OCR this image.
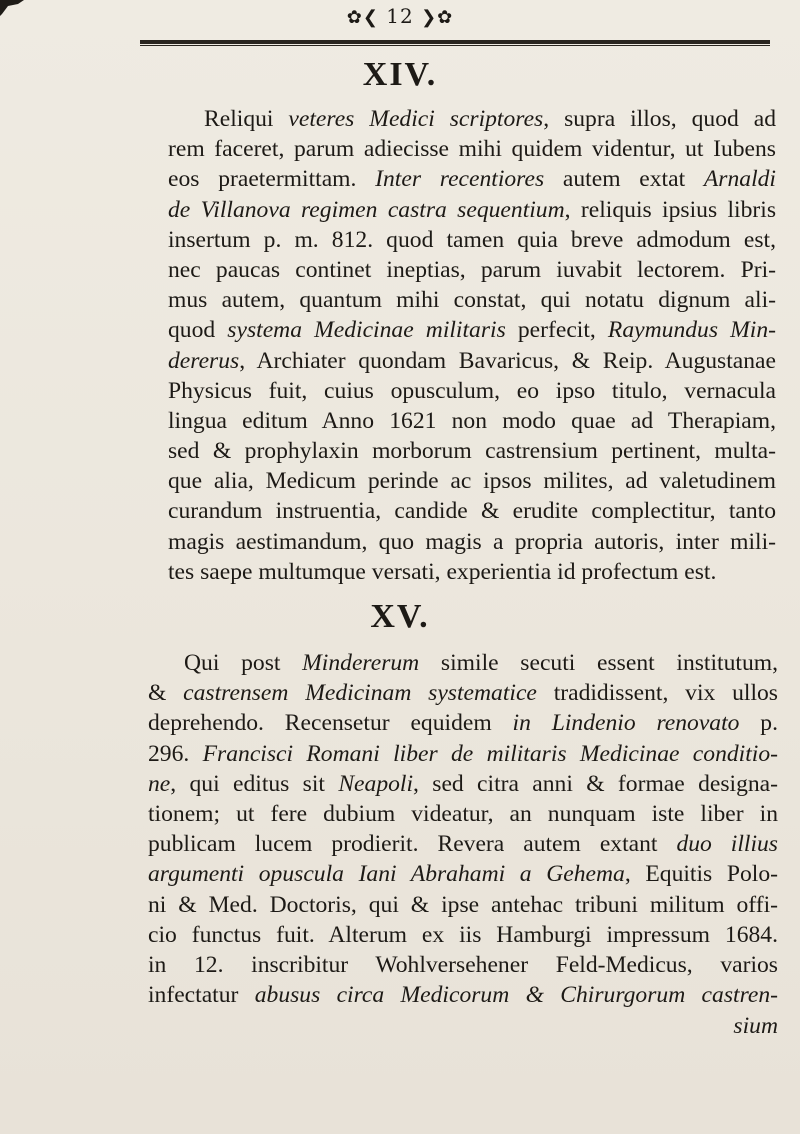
✿❮ 12 ❯✿
XIV.
Reliqui veteres Medici scriptores, supra illos, quod ad
rem faceret, parum adiecisse mihi quidem videntur, ut Iubens
eos praetermittam. Inter recentiores autem extat Arnaldi
de Villanova regimen castra sequentium, reliquis ipsius libris
insertum p. m. 812. quod tamen quia breve admodum est,
nec paucas continet ineptias, parum iuvabit lectorem. Pri-
mus autem, quantum mihi constat, qui notatu dignum ali-
quod systema Medicinae militaris perfecit, Raymundus Min-
dererus, Archiater quondam Bavaricus, & Reip. Augustanae
Physicus fuit, cuius opusculum, eo ipso titulo, vernacula
lingua editum Anno 1621 non modo quae ad Therapiam,
sed & prophylaxin morborum castrensium pertinent, multa-
que alia, Medicum perinde ac ipsos milites, ad valetudinem
curandum instruentia, candide & erudite complectitur, tanto
magis aestimandum, quo magis a propria autoris, inter mili-
tes saepe multumque versati, experientia id profectum est.
XV.
Qui post Mindererum simile secuti essent institutum,
& castrensem Medicinam systematice tradidissent, vix ullos
deprehendo. Recensetur equidem in Lindenio renovato p.
296. Francisci Romani liber de militaris Medicinae conditio-
ne, qui editus sit Neapoli, sed citra anni & formae designa-
tionem; ut fere dubium videatur, an nunquam iste liber in
publicam lucem prodierit. Revera autem extant duo illius
argumenti opuscula Iani Abrahami a Gehema, Equitis Polo-
ni & Med. Doctoris, qui & ipse antehac tribuni militum offi-
cio functus fuit. Alterum ex iis Hamburgi impressum 1684.
in 12. inscribitur Wohlversehener Feld-Medicus, varios
infectatur abusus circa Medicorum & Chirurgorum castren-
sium
